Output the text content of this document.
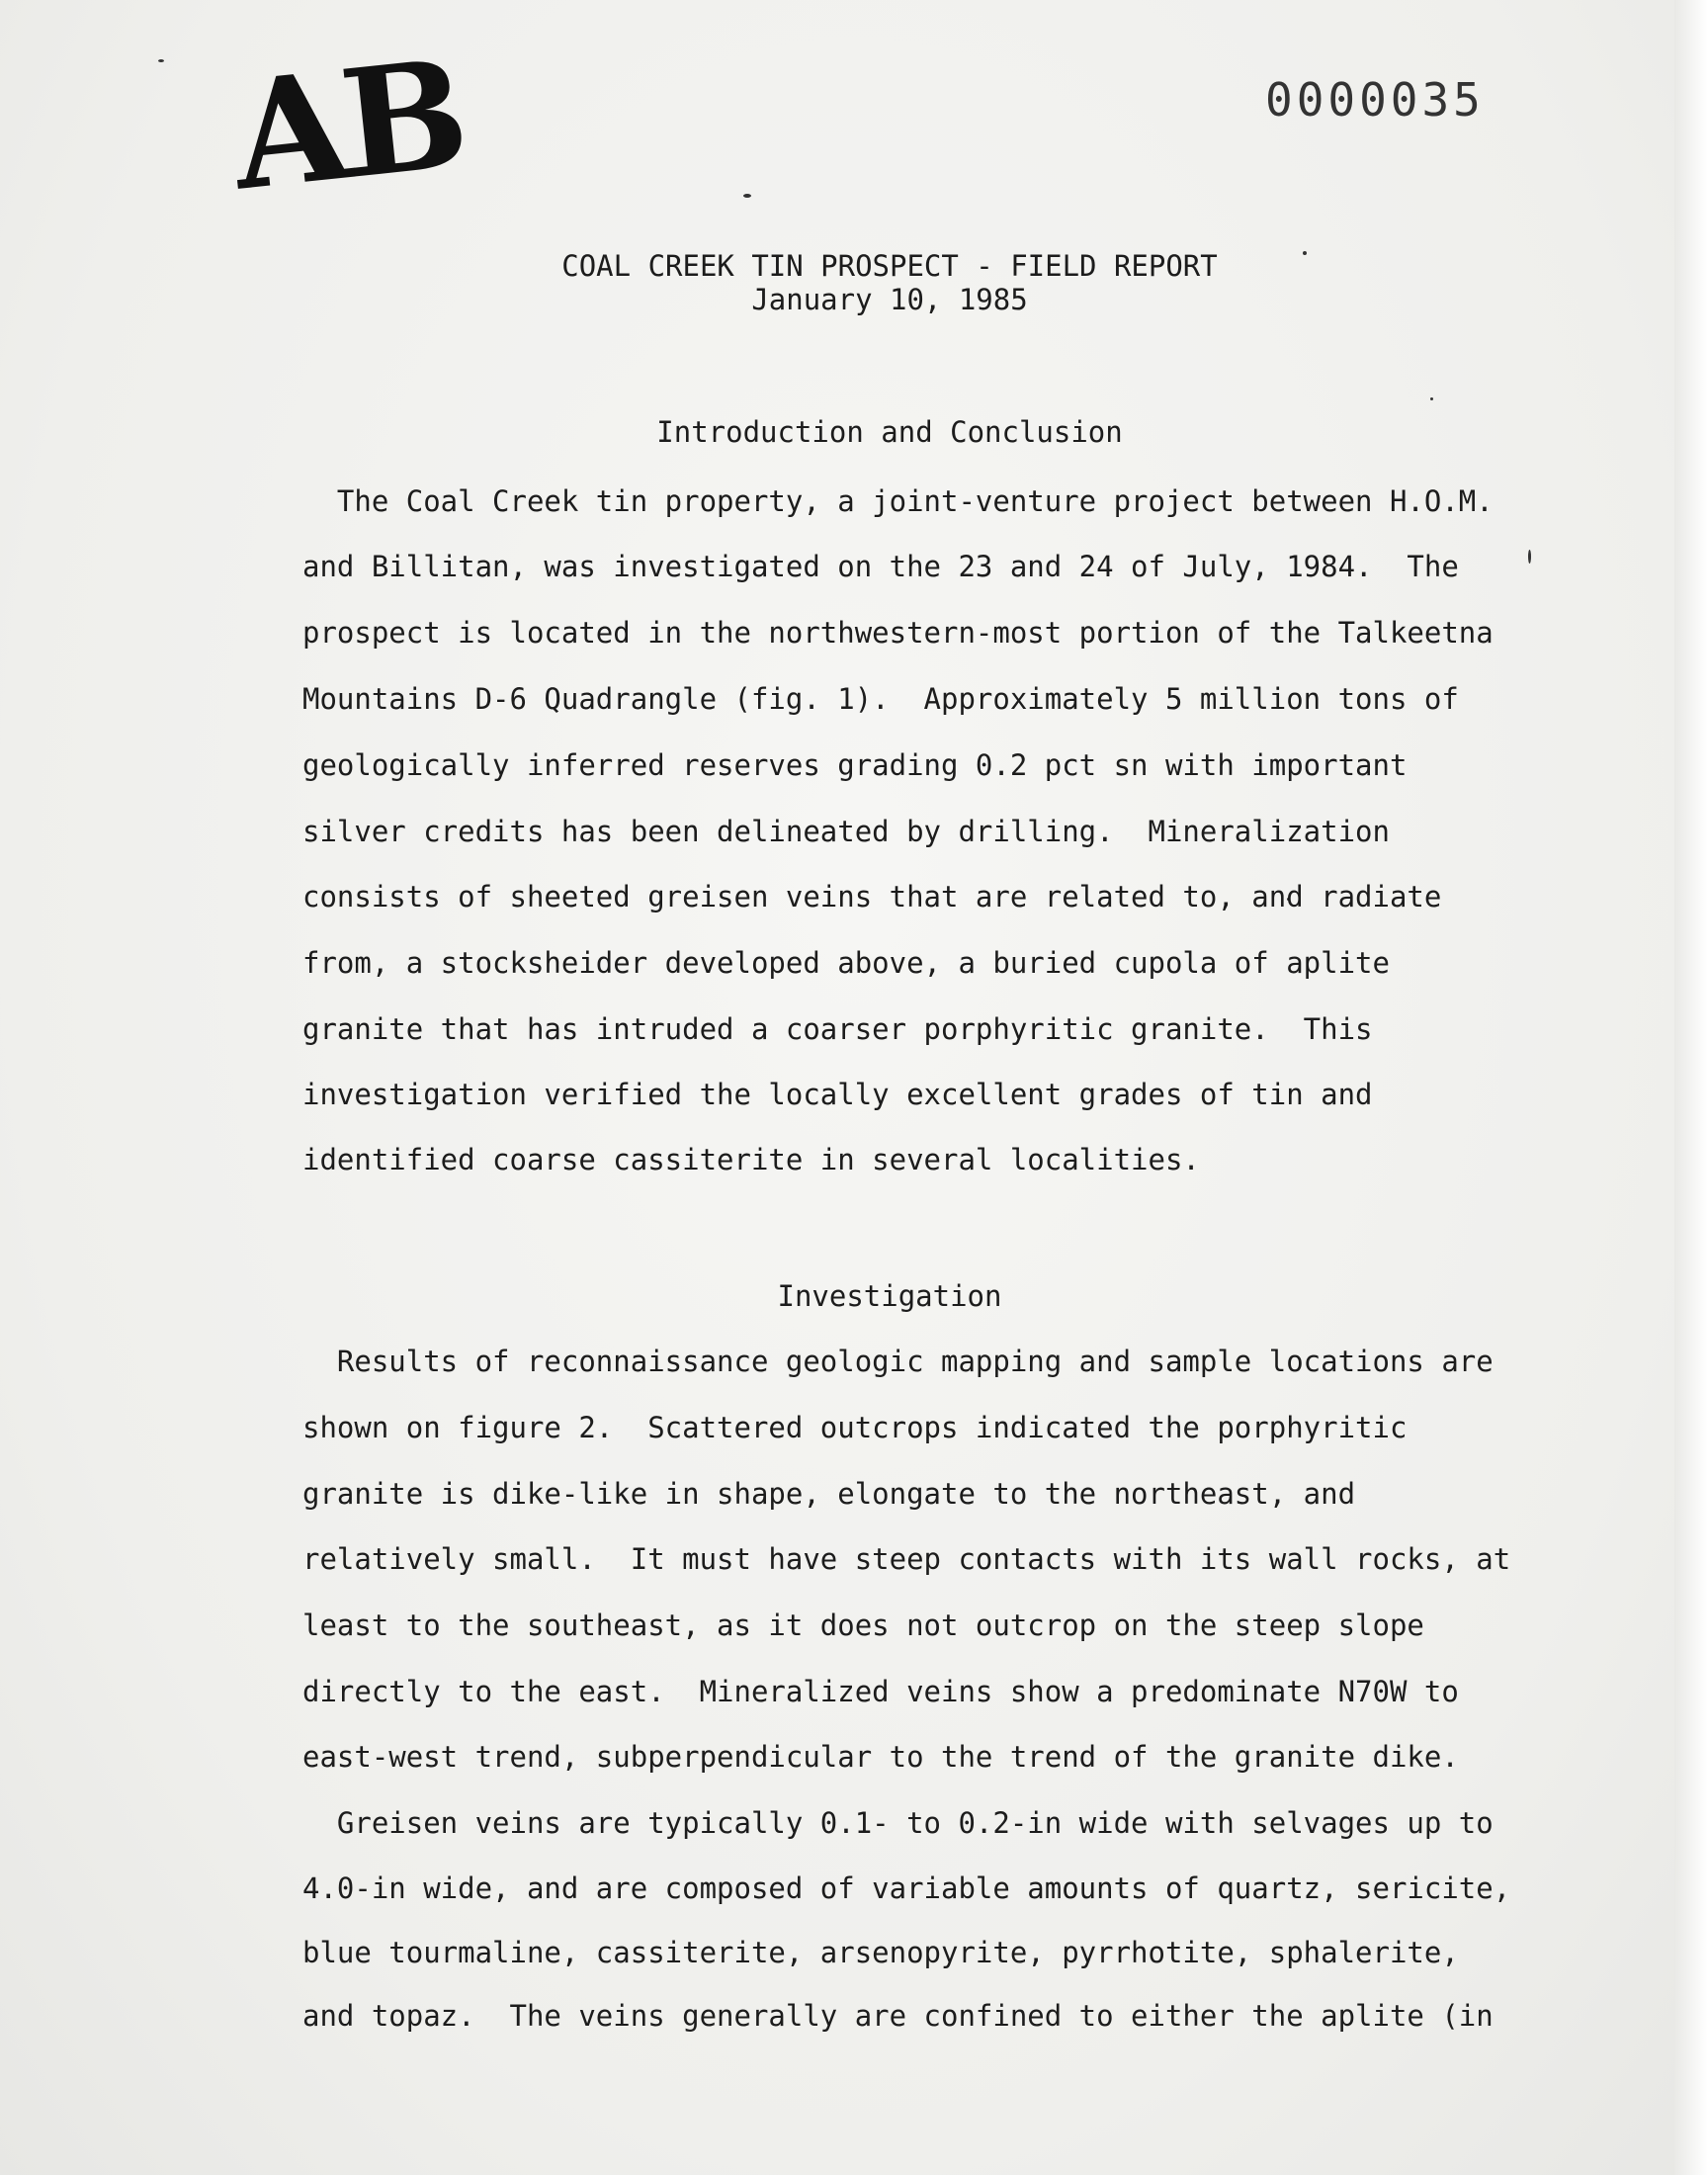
AB	0000035
COAL CREEK TIN PROSPECT - FIELD REPORT
January 10, 1985
Introduction and Conclusion
The Coal Creek tin property, a joint-venture project between H.O.M.
and Billitan, was investigated on the 23 and 24 of July, 1984.  The
prospect is located in the northwestern-most portion of the Talkeetna
Mountains D-6 Quadrangle (fig. 1).  Approximately 5 million tons of
geologically inferred reserves grading 0.2 pct sn with important
silver credits has been delineated by drilling.  Mineralization
consists of sheeted greisen veins that are related to, and radiate
from, a stocksheider developed above, a buried cupola of aplite
granite that has intruded a coarser porphyritic granite.  This
investigation verified the locally excellent grades of tin and
identified coarse cassiterite in several localities.
Investigation
Results of reconnaissance geologic mapping and sample locations are
shown on figure 2.  Scattered outcrops indicated the porphyritic
granite is dike-like in shape, elongate to the northeast, and
relatively small.  It must have steep contacts with its wall rocks, at
least to the southeast, as it does not outcrop on the steep slope
directly to the east.  Mineralized veins show a predominate N70W to
east-west trend, subperpendicular to the trend of the granite dike.
Greisen veins are typically 0.1- to 0.2-in wide with selvages up to
4.0-in wide, and are composed of variable amounts of quartz, sericite,
blue tourmaline, cassiterite, arsenopyrite, pyrrhotite, sphalerite,
and topaz.  The veins generally are confined to either the aplite (in
